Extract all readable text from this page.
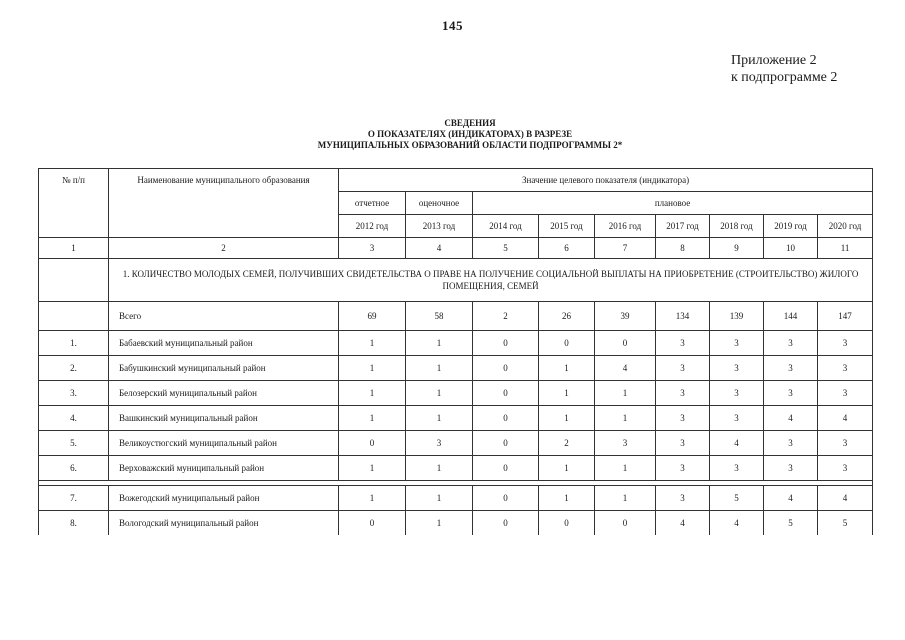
145
Приложение 2
к подпрограмме 2
СВЕДЕНИЯ
О ПОКАЗАТЕЛЯХ (ИНДИКАТОРАХ) В РАЗРЕЗЕ
МУНИЦИПАЛЬНЫХ ОБРАЗОВАНИЙ ОБЛАСТИ ПОДПРОГРАММЫ 2*
№ п/п	Наименование муниципального образования	Значение целевого показателя (индикатора)								
		отчетное	оценочное	плановое						
		2012 год	2013 год	2014 год	2015 год	2016 год	2017 год	2018 год	2019 год	2020 год
1	2	3	4	5	6	7	8	9	10	11
	1. КОЛИЧЕСТВО МОЛОДЫХ СЕМЕЙ, ПОЛУЧИВШИХ СВИДЕТЕЛЬСТВА О ПРАВЕ НА ПОЛУЧЕНИЕ СОЦИАЛЬНОЙ ВЫПЛАТЫ НА ПРИОБРЕТЕНИЕ (СТРОИТЕЛЬСТВО) ЖИЛОГО ПОМЕЩЕНИЯ, СЕМЕЙ									
	Всего	69	58	2	26	39	134	139	144	147
1.	Бабаевский муниципальный район	1	1	0	0	0	3	3	3	3
2.	Бабушкинский муниципальный район	1	1	0	1	4	3	3	3	3
3.	Белозерский муниципальный район	1	1	0	1	1	3	3	3	3
4.	Вашкинский муниципальный район	1	1	0	1	1	3	3	4	4
5.	Великоустюгский муниципальный район	0	3	0	2	3	3	4	3	3
6.	Верховажский муниципальный район	1	1	0	1	1	3	3	3	3

7.	Вожегодский муниципальный район	1	1	0	1	1	3	5	4	4
8.	Вологодский муниципальный район	0	1	0	0	0	4	4	5	5
